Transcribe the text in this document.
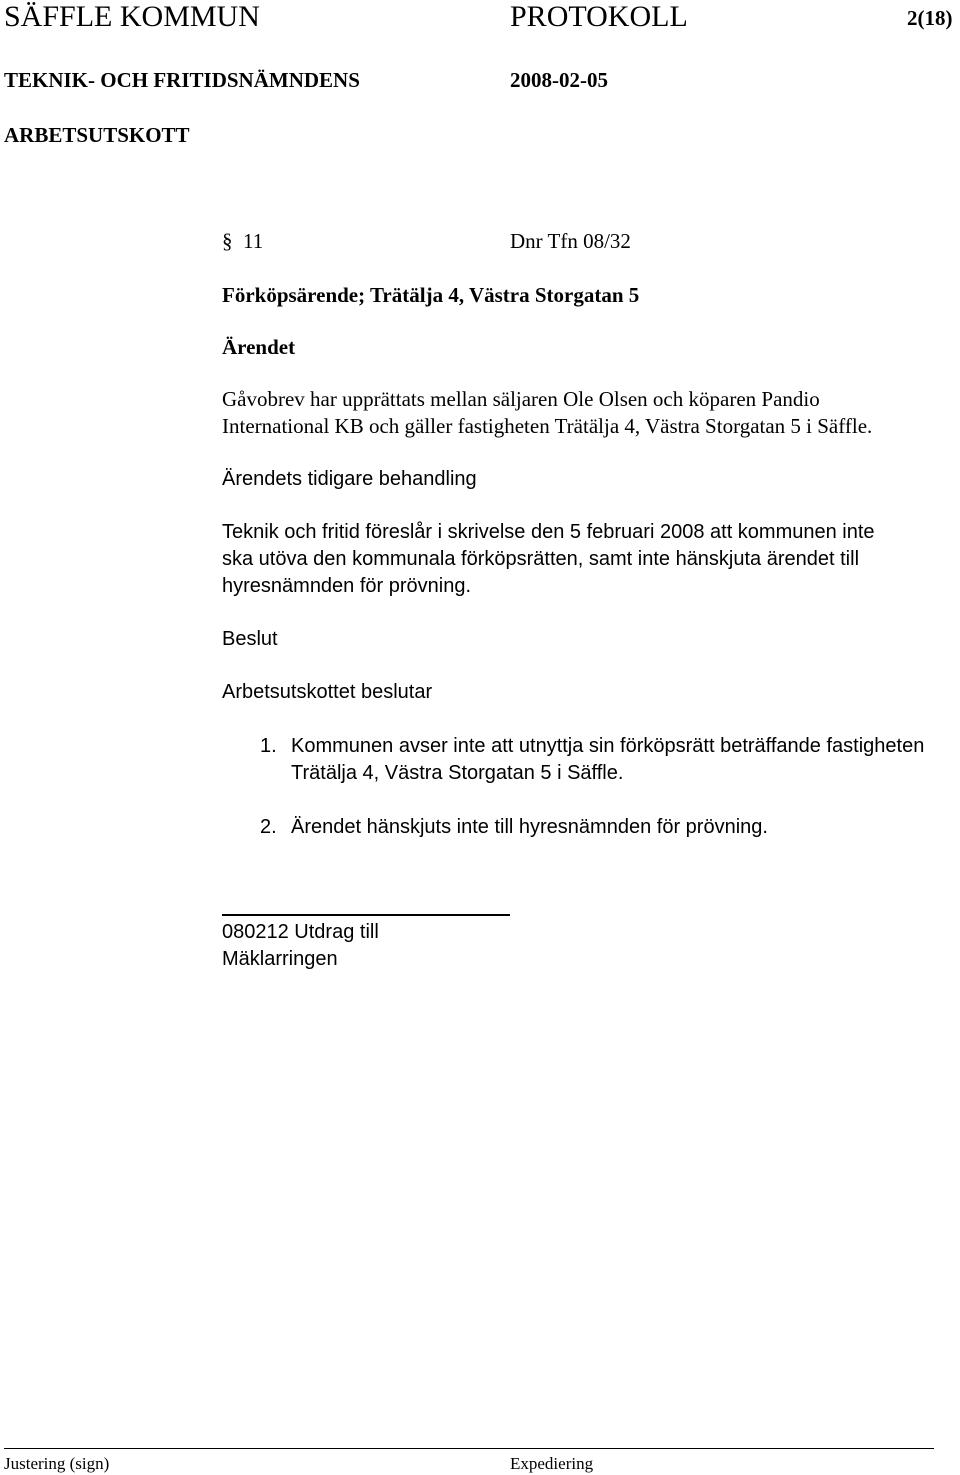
SÄFFLE KOMMUN	PROTOKOLL	2(18)
TEKNIK- OCH FRITIDSNÄMNDENS	2008-02-05
ARBETSUTSKOTT
§ 11	Dnr Tfn 08/32
Förköpsärende; Trätälja 4, Västra Storgatan 5
Ärendet
Gåvobrev har upprättats mellan säljaren Ole Olsen och köparen Pandio
International KB och gäller fastigheten Trätälja 4, Västra Storgatan 5 i Säffle.
Ärendets tidigare behandling
Teknik och fritid föreslår i skrivelse den 5 februari 2008 att kommunen inte
ska utöva den kommunala förköpsrätten, samt inte hänskjuta ärendet till
hyresnämnden för prövning.
Beslut
Arbetsutskottet beslutar
1. Kommunen avser inte att utnyttja sin förköpsrätt beträffande fastigheten
Trätälja 4, Västra Storgatan 5 i Säffle.
2. Ärendet hänskjuts inte till hyresnämnden för prövning.
080212 Utdrag till
Mäklarringen
Justering (sign)	Expediering
